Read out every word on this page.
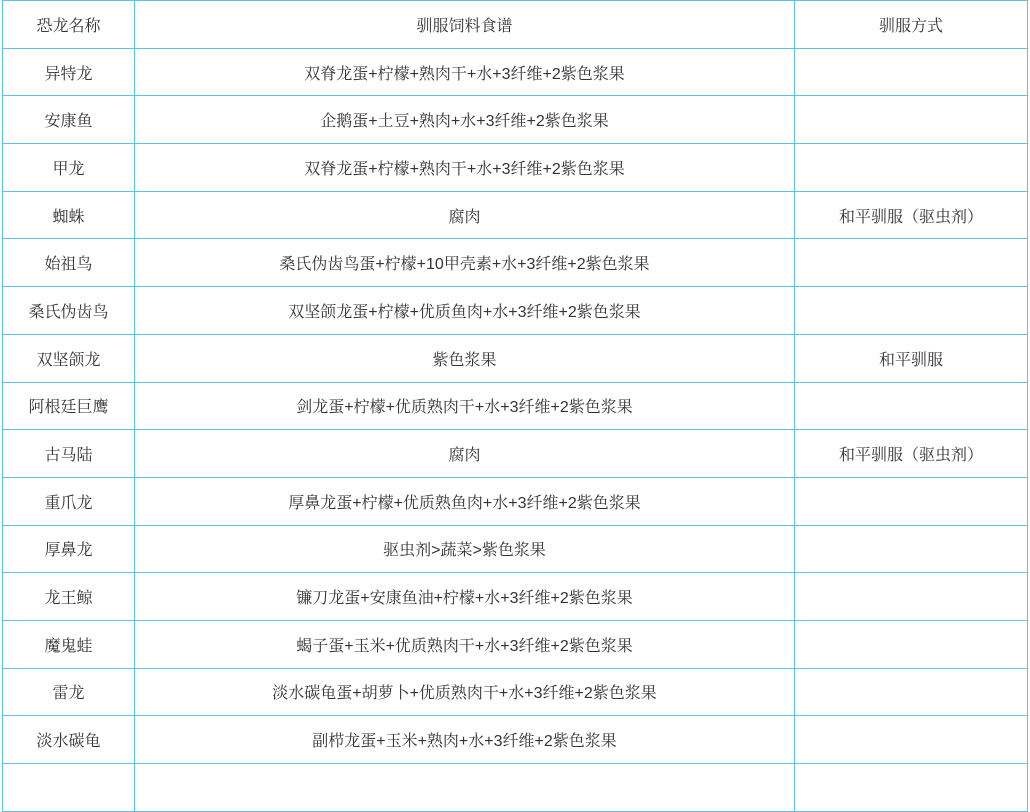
恐龙名称	驯服饲料食谱	驯服方式
异特龙	双脊龙蛋+柠檬+熟肉干+水+3纤维+2紫色浆果	
安康鱼	企鹅蛋+土豆+熟肉+水+3纤维+2紫色浆果	
甲龙	双脊龙蛋+柠檬+熟肉干+水+3纤维+2紫色浆果	
蜘蛛	腐肉	和平驯服（驱虫剂）
始祖鸟	桑氏伪齿鸟蛋+柠檬+10甲壳素+水+3纤维+2紫色浆果	
桑氏伪齿鸟	双坚颌龙蛋+柠檬+优质鱼肉+水+3纤维+2紫色浆果	
双坚颌龙	紫色浆果	和平驯服
阿根廷巨鹰	剑龙蛋+柠檬+优质熟肉干+水+3纤维+2紫色浆果	
古马陆	腐肉	和平驯服（驱虫剂）
重爪龙	厚鼻龙蛋+柠檬+优质熟鱼肉+水+3纤维+2紫色浆果	
厚鼻龙	驱虫剂>蔬菜>紫色浆果	
龙王鲸	镰刀龙蛋+安康鱼油+柠檬+水+3纤维+2紫色浆果	
魔鬼蛙	蝎子蛋+玉米+优质熟肉干+水+3纤维+2紫色浆果	
雷龙	淡水碳龟蛋+胡萝卜+优质熟肉干+水+3纤维+2紫色浆果	
淡水碳龟	副栉龙蛋+玉米+熟肉+水+3纤维+2紫色浆果	
